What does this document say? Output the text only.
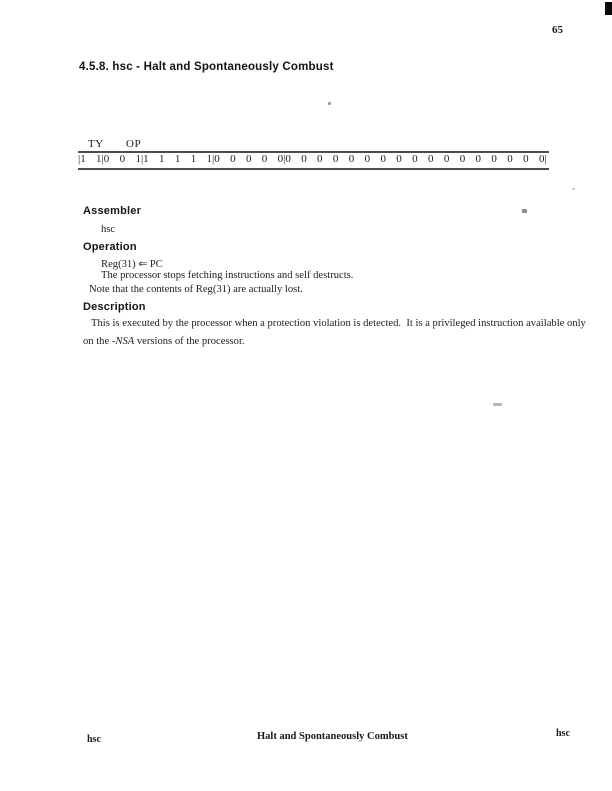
65
4.5.8. hsc - Halt and Spontaneously Combust
TY OP
|1 1|0 0 1|1 1 1 1 1|0 0 0 0 0|0 0 0 0 0 0 0 0 0 0 0 0 0 0 0 0 0|
Assembler
hsc
Operation
Reg(31) ⇐ PC
The processor stops fetching instructions and self destructs.
Note that the contents of Reg(31) are actually lost.
Description
This is executed by the processor when a protection violation is detected.  It is a privileged instruction available only
on the -NSA versions of the processor.
hsc	Halt and Spontaneously Combust	hsc
